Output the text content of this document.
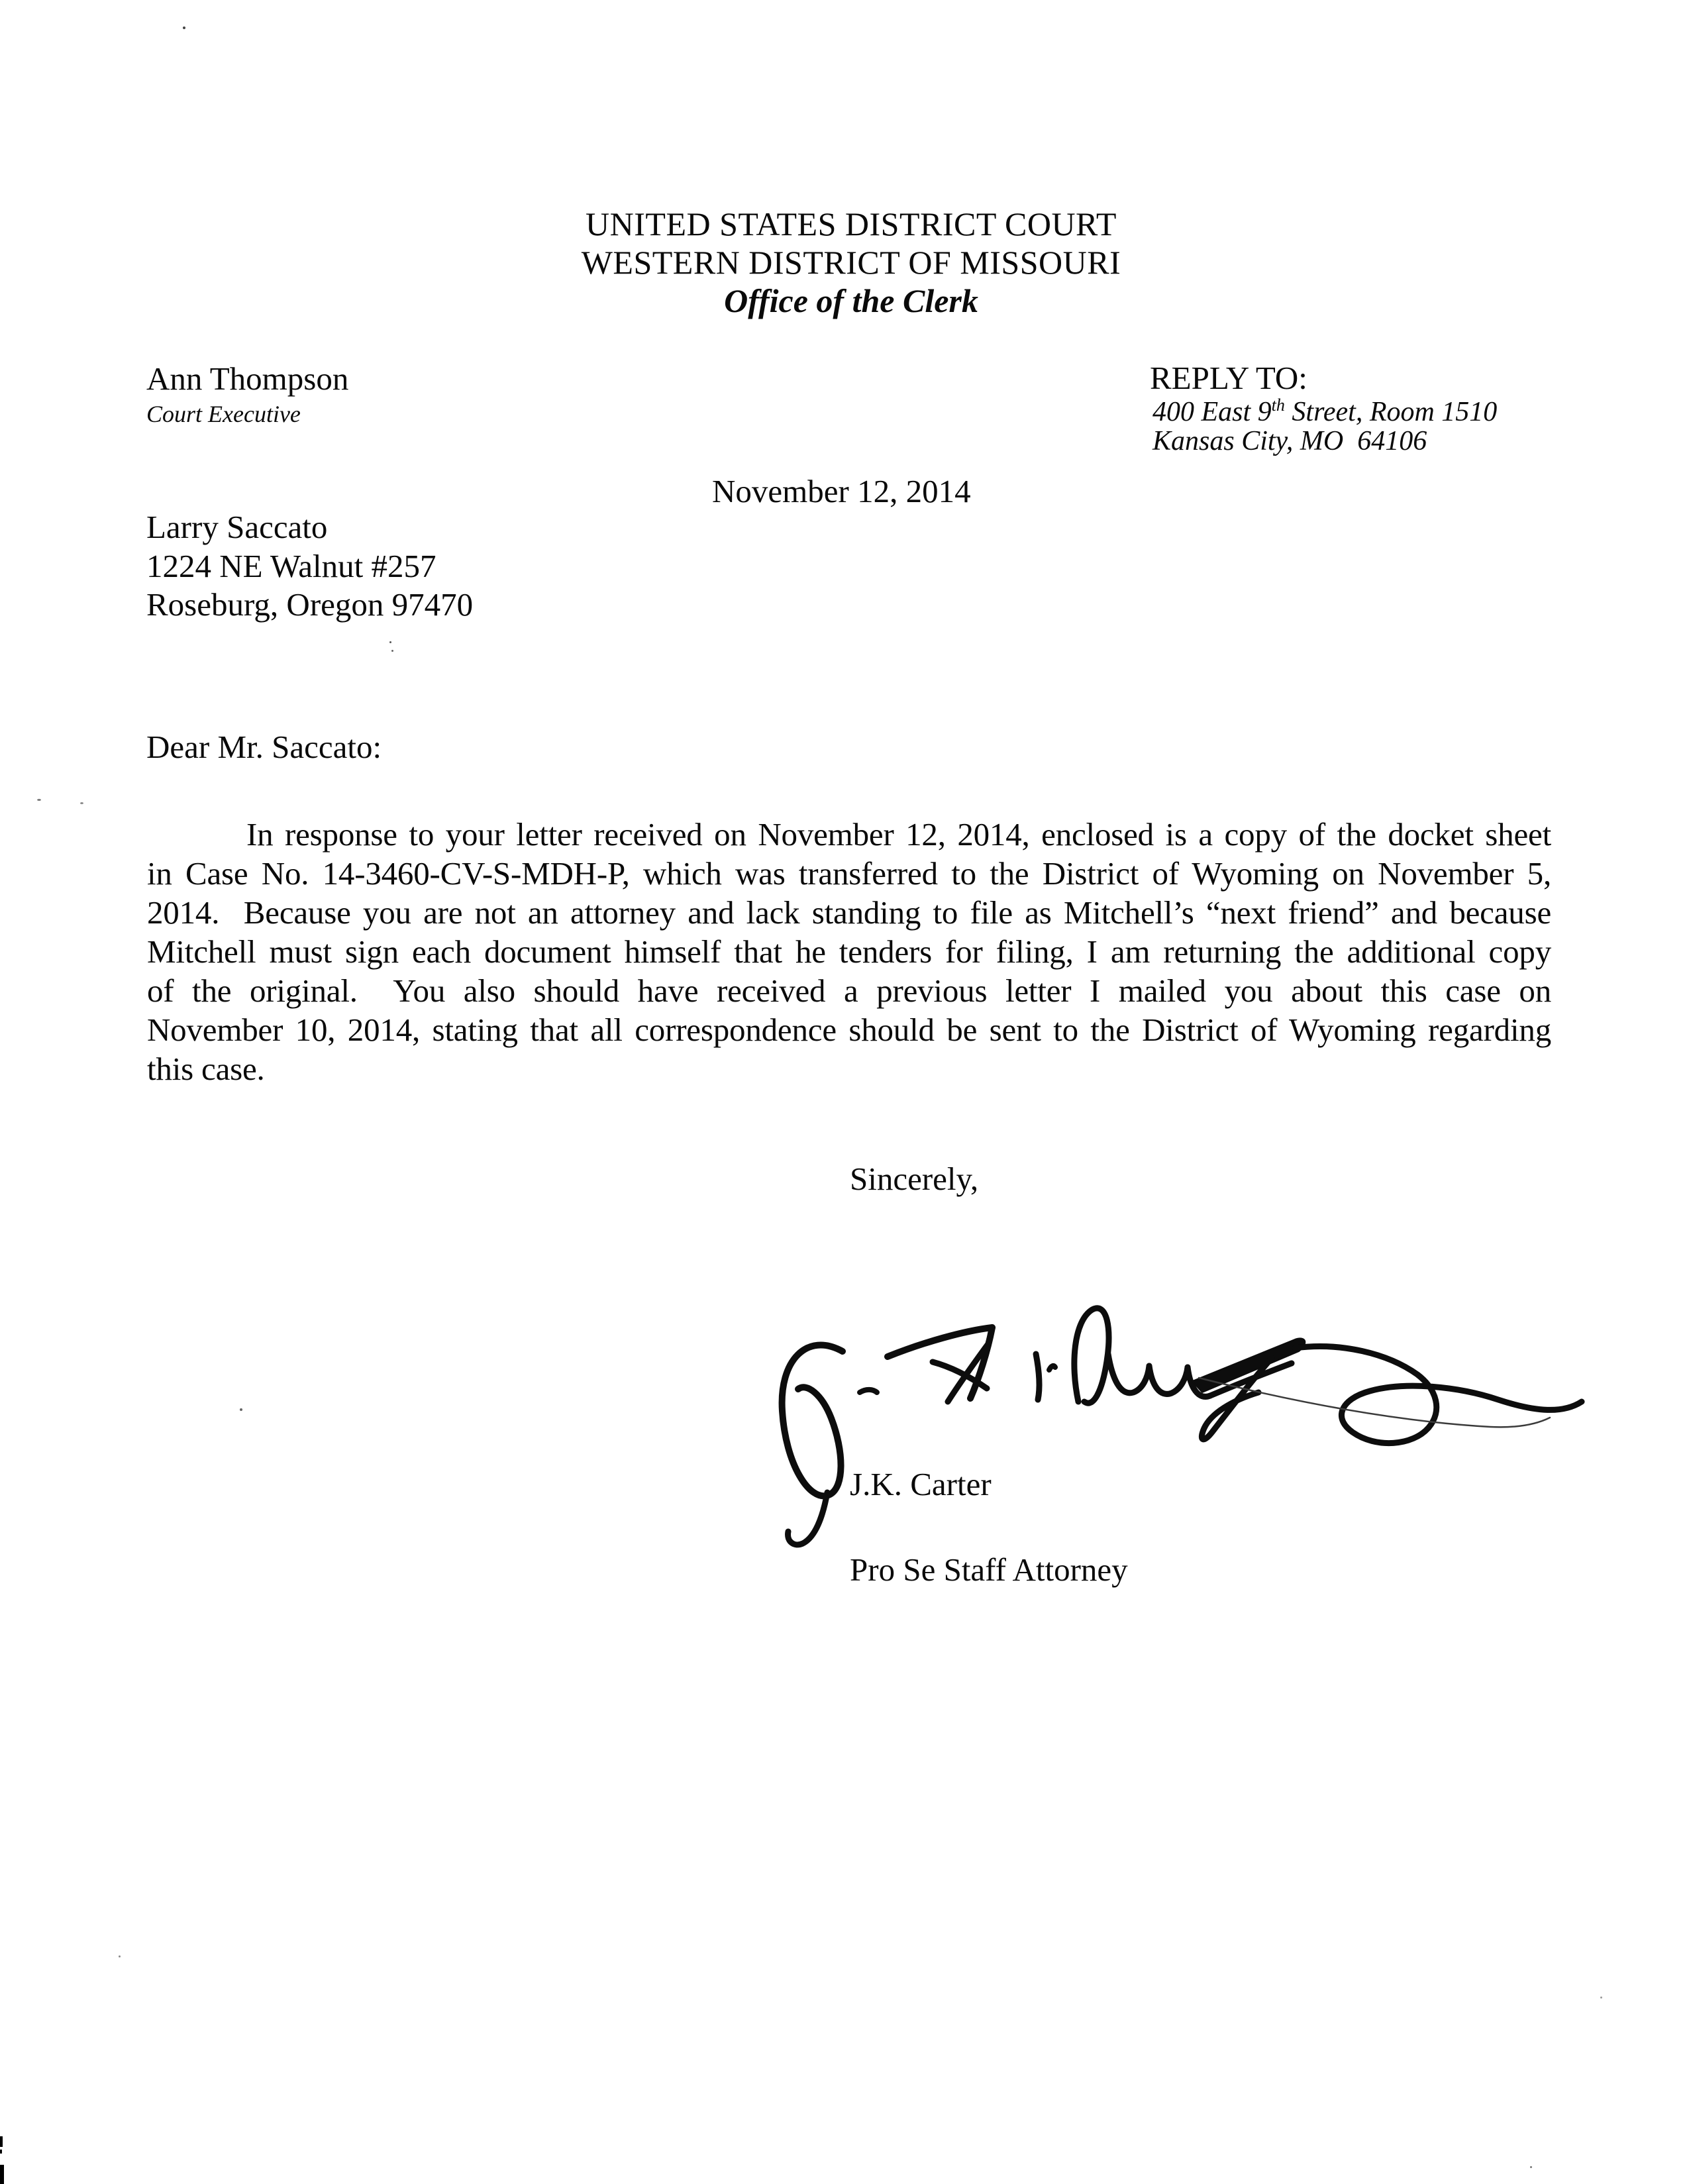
UNITED STATES DISTRICT COURT
WESTERN DISTRICT OF MISSOURI
Office of the Clerk
Ann Thompson
Court Executive
REPLY TO:
400 East 9th Street, Room 1510
Kansas City, MO  64106
November 12, 2014
Larry Saccato
1224 NE Walnut #257
Roseburg, Oregon 97470
Dear Mr. Saccato:
In response to your letter received on November 12, 2014, enclosed is a copy of the docket sheet
in Case No. 14-3460-CV-S-MDH-P, which was transferred to the District of Wyoming on November 5,
2014.  Because you are not an attorney and lack standing to file as Mitchell’s “next friend” and because
Mitchell must sign each document himself that he tenders for filing, I am returning the additional copy
of the original.  You also should have received a previous letter I mailed you about this case on
November 10, 2014, stating that all correspondence should be sent to the District of Wyoming regarding
this case.
Sincerely,
J.K. Carter
Pro Se Staff Attorney
